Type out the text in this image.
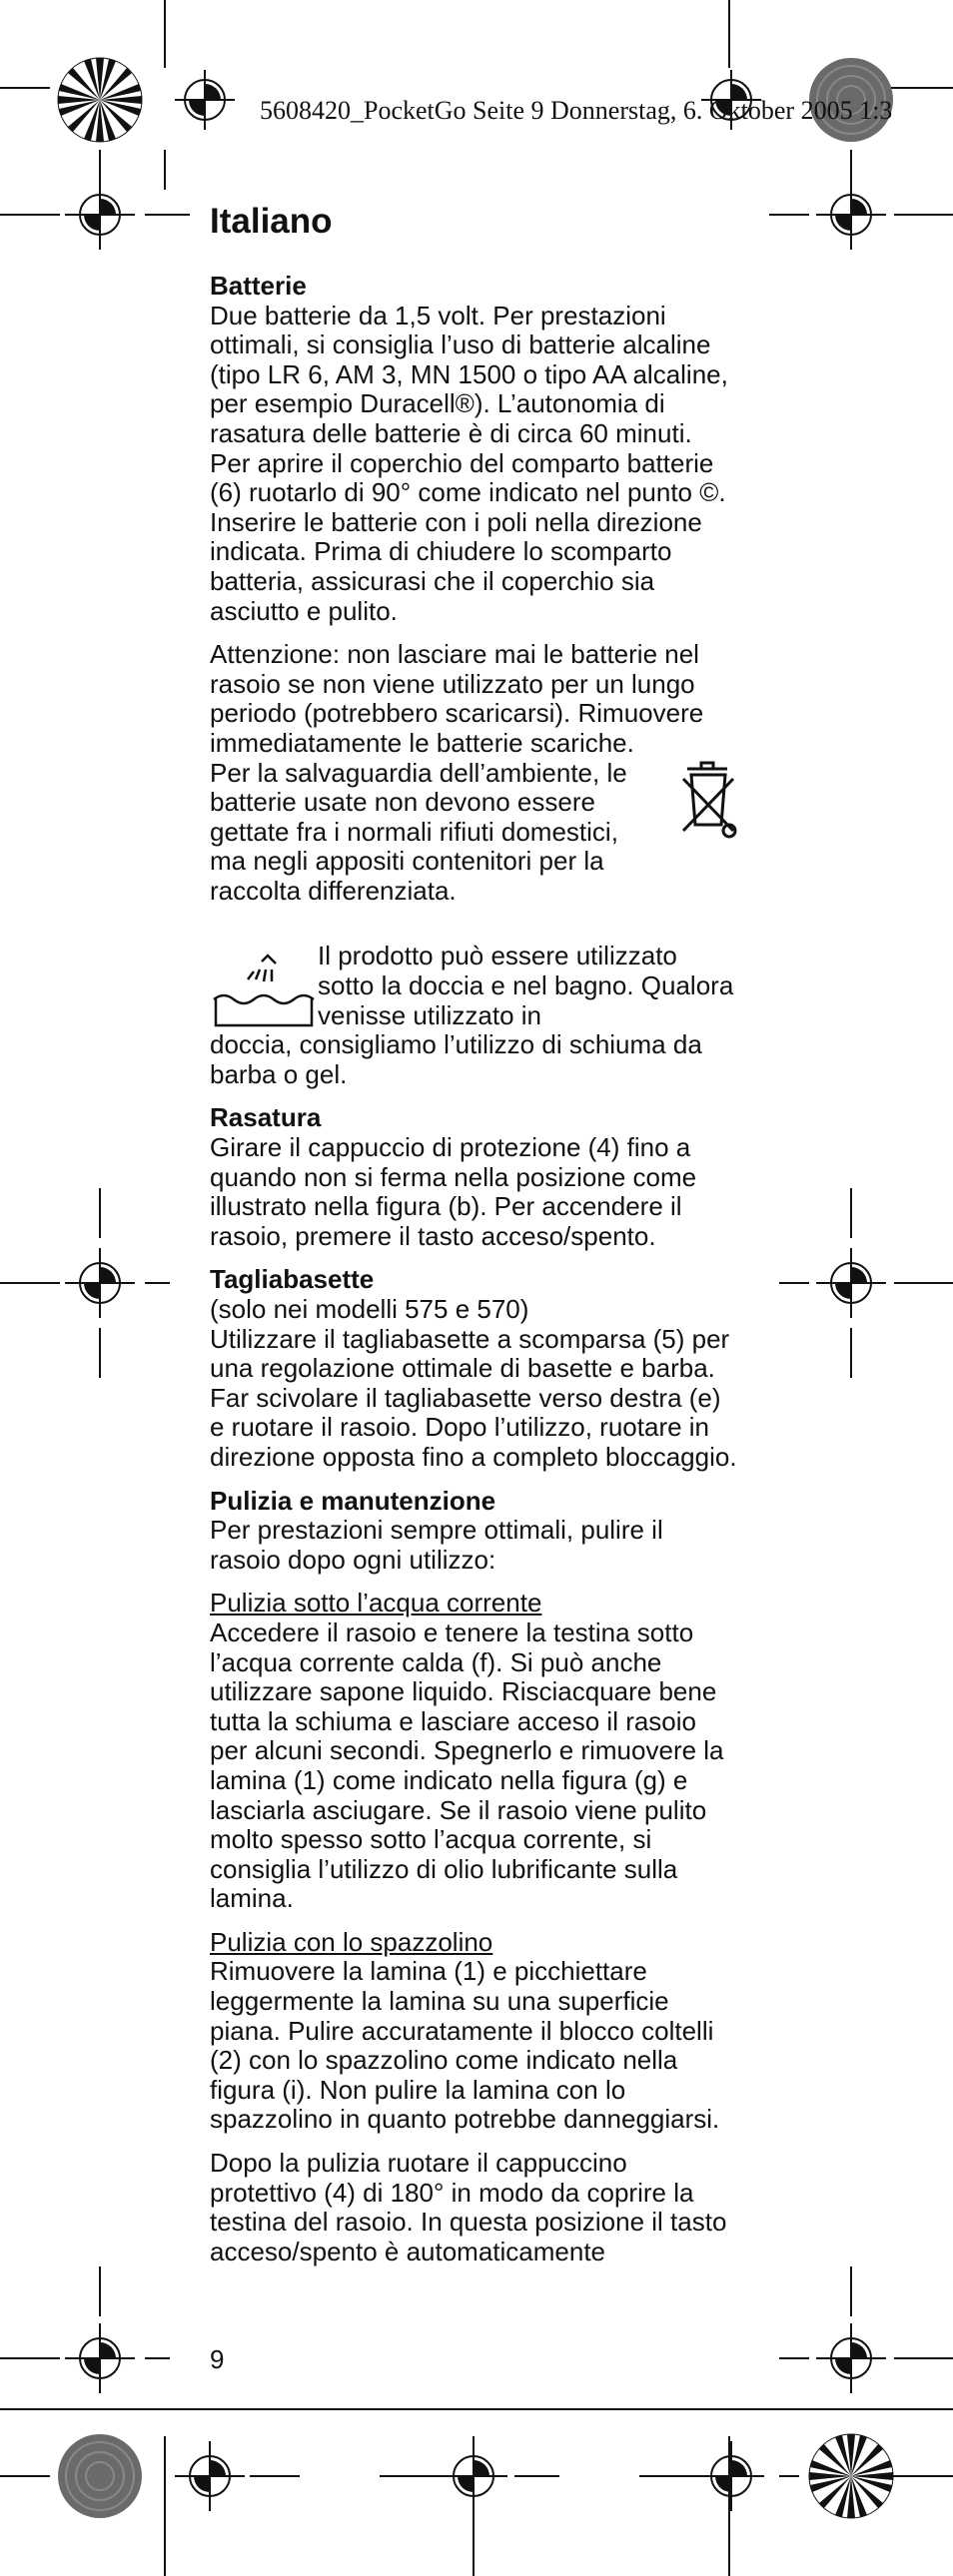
5608420_PocketGo Seite 9 Donnerstag, 6. Oktober 2005 1:3
Italiano
Batterie

Due batterie da 1,5 volt. Per prestazioni ottimali, si consiglia l’uso di batterie alcaline (tipo LR 6, AM 3, MN 1500 o tipo AA alcaline, per esempio Duracell®). L’autonomia di rasatura delle batterie è di circa 60 minuti. Per aprire il coperchio del comparto batterie (6) ruotarlo di 90° come indicato nel punto ©. Inserire le batterie con i poli nella direzione indicata. Prima di chiudere lo scomparto batteria, assicurasi che il coperchio sia asciutto e pulito.

Attenzione: non lasciare mai le batterie nel rasoio se non viene utilizzato per un lungo periodo (potrebbero scaricarsi). Rimuovere immediatamente le batterie scariche.

Per la salvaguardia dell’ambiente, le batterie usate non devono essere gettate fra i normali rifiuti domestici, ma negli appositi contenitori per la raccolta differenziata.

Il prodotto può essere utilizzato sotto la doccia e nel bagno. Qualora venisse utilizzato in

doccia, consigliamo l’utilizzo di schiuma da barba o gel.

Rasatura

Girare il cappuccio di protezione (4) fino a quando non si ferma nella posizione come illustrato nella figura (b). Per accendere il rasoio, premere il tasto acceso/spento.

Tagliabasette
(solo nei modelli 575 e 570)

Utilizzare il tagliabasette a scomparsa (5) per una regolazione ottimale di basette e barba. Far scivolare il tagliabasette verso destra (e) e ruotare il rasoio. Dopo l’utilizzo, ruotare in direzione opposta fino a completo bloccaggio.

Pulizia e manutenzione

Per prestazioni sempre ottimali, pulire il rasoio dopo ogni utilizzo:

Pulizia sotto l’acqua corrente

Accedere il rasoio e tenere la testina sotto l’acqua corrente calda (f). Si può anche utilizzare sapone liquido. Risciacquare bene tutta la schiuma e lasciare acceso il rasoio per alcuni secondi. Spegnerlo e rimuovere la lamina (1) come indicato nella figura (g) e lasciarla asciugare. Se il rasoio viene pulito molto spesso sotto l’acqua corrente, si consiglia l’utilizzo di olio lubrificante sulla lamina.

Pulizia con lo spazzolino

Rimuovere la lamina (1) e picchiettare leggermente la lamina su una superficie piana. Pulire accuratamente il blocco coltelli (2) con lo spazzolino come indicato nella figura (i). Non pulire la lamina con lo spazzolino in quanto potrebbe danneggiarsi.

Dopo la pulizia ruotare il cappuccino protettivo (4) di 180° in modo da coprire la testina del rasoio. In questa posizione il tasto acceso/spento è automaticamente

9
